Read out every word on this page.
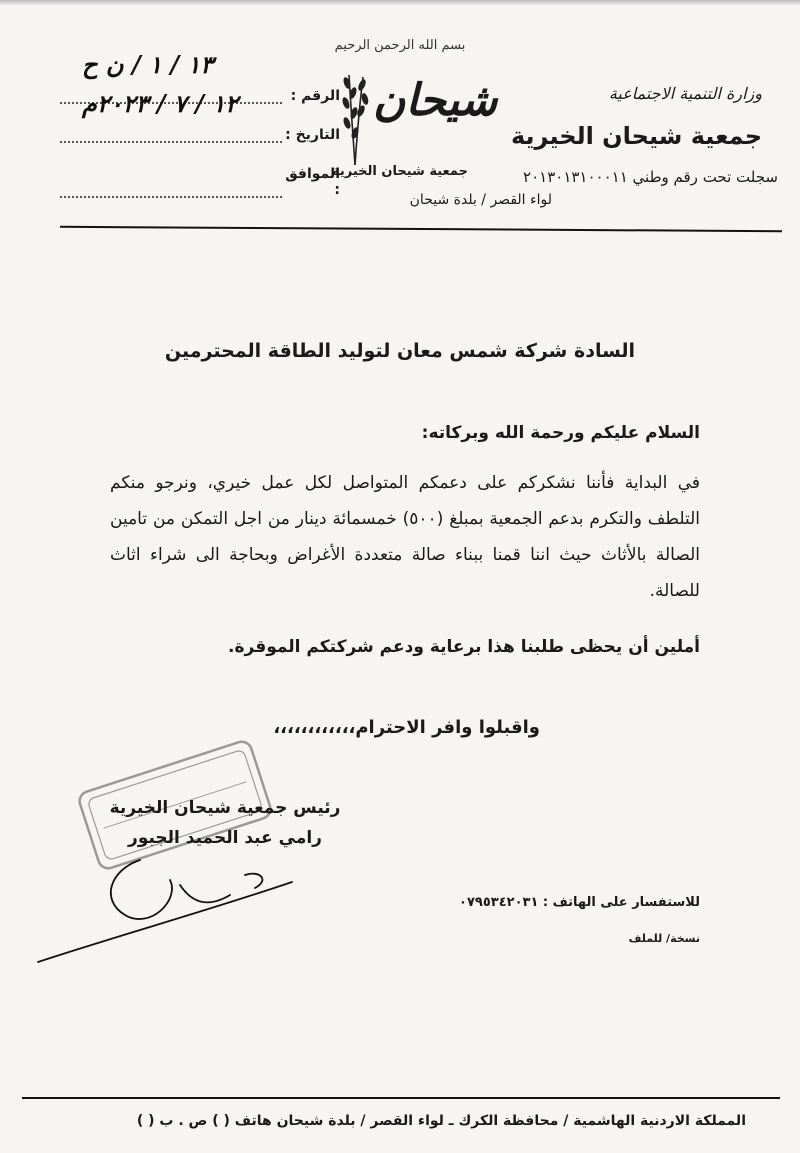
بسم الله الرحمن الرحيم
وزارة التنمية الاجتماعية
جمعية شيحان الخيرية
سجلت تحت رقم وطني ٢٠١٣٠١٣١٠٠٠١١
لواء القصر / بلدة شيحان
شيحان
جمعية شيحان الخيرية
الرقم :
١٣ / ١ / ن ح
التاريخ :
١٢ / ٧ / ٢٠٢٣م
الموافق :
السادة شركة شمس معان لتوليد الطاقة المحترمين
السلام عليكم ورحمة الله وبركاته:
في البداية فأننا نشكركم على دعمكم المتواصل لكل عمل خيري، ونرجو منكم التلطف والتكرم بدعم الجمعية بمبلغ (٥٠٠) خمسمائة دينار من اجل التمكن من تامين الصالة بالأثاث حيث اننا قمنا ببناء صالة متعددة الأغراض وبحاجة الى شراء اثاث للصالة.
أملين أن يحظى طلبنا هذا برعاية ودعم شركتكم الموقرة.
واقبلوا وافر الاحترام،،،،،،،،،،،،
رئيس جمعية شيحان الخيرية
رامي عبد الحميد الجبور
للاستفسار على الهاتف : ٠٧٩٥٣٤٢٠٣١
نسخة/ للملف
المملكة الاردنية الهاشمية / محافظة الكرك ـ لواء القصر / بلدة شيحان هاتف ( ) ص . ب ( )
